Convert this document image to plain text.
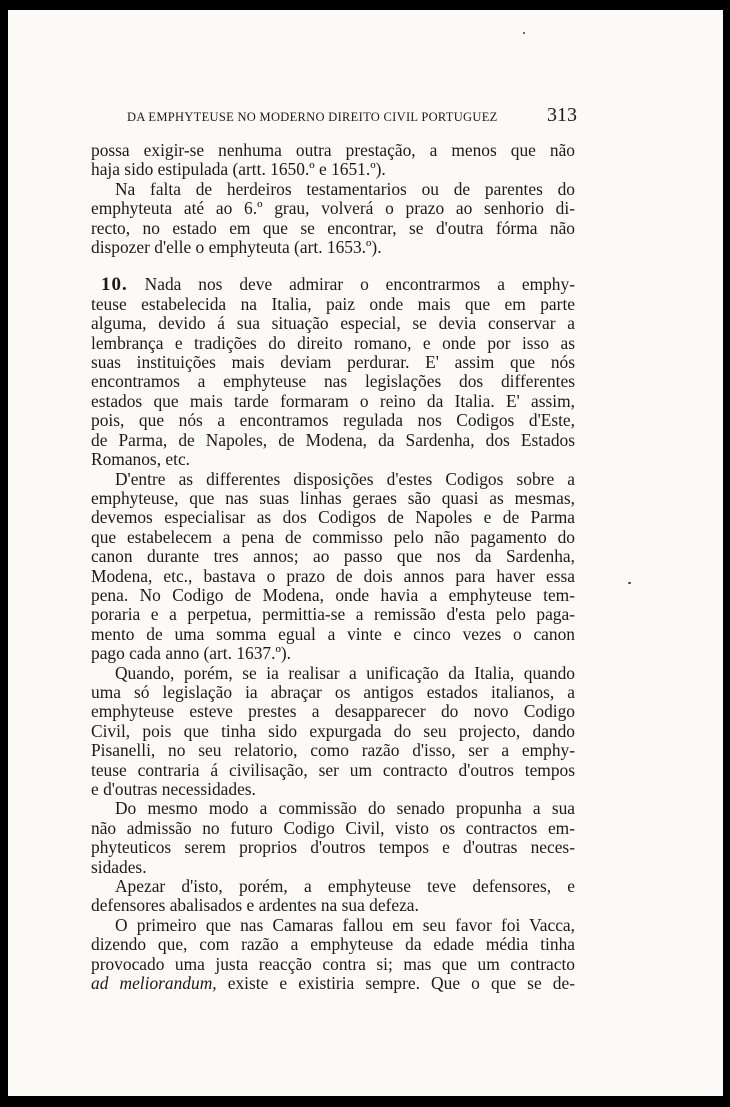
DA EMPHYTEUSE NO MODERNO DIREITO CIVIL PORTUGUEZ 313
possa exigir-se nenhuma outra prestação, a menos que não
haja sido estipulada (artt. 1650.º e 1651.º).
Na falta de herdeiros testamentarios ou de parentes do
emphyteuta até ao 6.º grau, volverá o prazo ao senhorio di-
recto, no estado em que se encontrar, se d'outra fórma não
dispozer d'elle o emphyteuta (art. 1653.º).
10. Nada nos deve admirar o encontrarmos a emphy-
teuse estabelecida na Italia, paiz onde mais que em parte
alguma, devido á sua situação especial, se devia conservar a
lembrança e tradições do direito romano, e onde por isso as
suas instituições mais deviam perdurar. E' assim que nós
encontramos a emphyteuse nas legislações dos differentes
estados que mais tarde formaram o reino da Italia. E' assim,
pois, que nós a encontramos regulada nos Codigos d'Este,
de Parma, de Napoles, de Modena, da Sardenha, dos Estados
Romanos, etc.
D'entre as differentes disposições d'estes Codigos sobre a
emphyteuse, que nas suas linhas geraes são quasi as mesmas,
devemos especialisar as dos Codigos de Napoles e de Parma
que estabelecem a pena de commisso pelo não pagamento do
canon durante tres annos; ao passo que nos da Sardenha,
Modena, etc., bastava o prazo de dois annos para haver essa
pena. No Codigo de Modena, onde havia a emphyteuse tem-
poraria e a perpetua, permittia-se a remissão d'esta pelo paga-
mento de uma somma egual a vinte e cinco vezes o canon
pago cada anno (art. 1637.º).
Quando, porém, se ia realisar a unificação da Italia, quando
uma só legislação ia abraçar os antigos estados italianos, a
emphyteuse esteve prestes a desapparecer do novo Codigo
Civil, pois que tinha sido expurgada do seu projecto, dando
Pisanelli, no seu relatorio, como razão d'isso, ser a emphy-
teuse contraria á civilisação, ser um contracto d'outros tempos
e d'outras necessidades.
Do mesmo modo a commissão do senado propunha a sua
não admissão no futuro Codigo Civil, visto os contractos em-
phyteuticos serem proprios d'outros tempos e d'outras neces-
sidades.
Apezar d'isto, porém, a emphyteuse teve defensores, e
defensores abalisados e ardentes na sua defeza.
O primeiro que nas Camaras fallou em seu favor foi Vacca,
dizendo que, com razão a emphyteuse da edade média tinha
provocado uma justa reacção contra si; mas que um contracto
ad meliorandum, existe e existiria sempre. Que o que se de-
